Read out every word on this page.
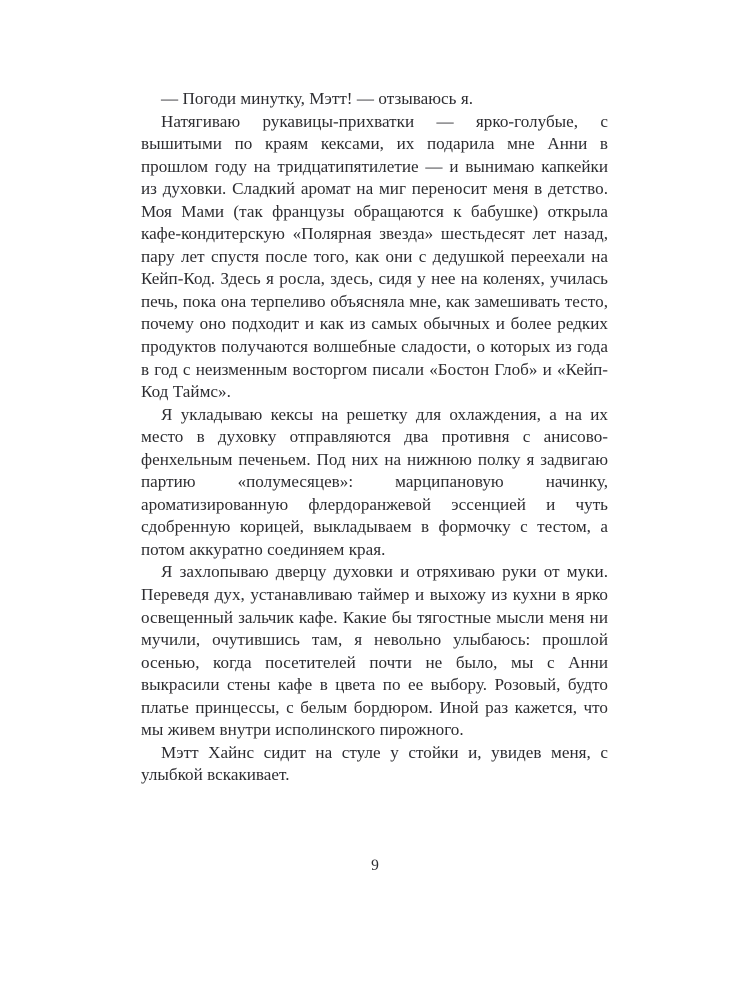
— Погоди минутку, Мэтт! — отзываюсь я.

Натягиваю рукавицы-прихватки — ярко-голубые, с вышитыми по краям кексами, их подарила мне Анни в прошлом году на тридцатипятилетие — и вынимаю капкейки из духовки. Сладкий аромат на миг переносит меня в детство. Моя Мами (так французы обращаются к бабушке) открыла кафе-кондитерскую «Полярная звезда» шестьдесят лет назад, пару лет спустя после того, как они с дедушкой переехали на Кейп-Код. Здесь я росла, здесь, сидя у нее на коленях, училась печь, пока она терпеливо объясняла мне, как замешивать тесто, почему оно подходит и как из самых обычных и более редких продуктов получаются волшебные сладости, о которых из года в год с неизменным восторгом писали «Бостон Глоб» и «Кейп-Код Таймс».

Я укладываю кексы на решетку для охлаждения, а на их место в духовку отправляются два противня с анисово-фенхельным печеньем. Под них на нижнюю полку я задвигаю партию «полумесяцев»: марципановую начинку, ароматизированную флердоранжевой эссенцией и чуть сдобренную корицей, выкладываем в формочку с тестом, а потом аккуратно соединяем края.

Я захлопываю дверцу духовки и отряхиваю руки от муки. Переведя дух, устанавливаю таймер и выхожу из кухни в ярко освещенный зальчик кафе. Какие бы тягостные мысли меня ни мучили, очутившись там, я невольно улыбаюсь: прошлой осенью, когда посетителей почти не было, мы с Анни выкрасили стены кафе в цвета по ее выбору. Розовый, будто платье принцессы, с белым бордюром. Иной раз кажется, что мы живем внутри исполинского пирожного.

Мэтт Хайнс сидит на стуле у стойки и, увидев меня, с улыбкой вскакивает.

9
